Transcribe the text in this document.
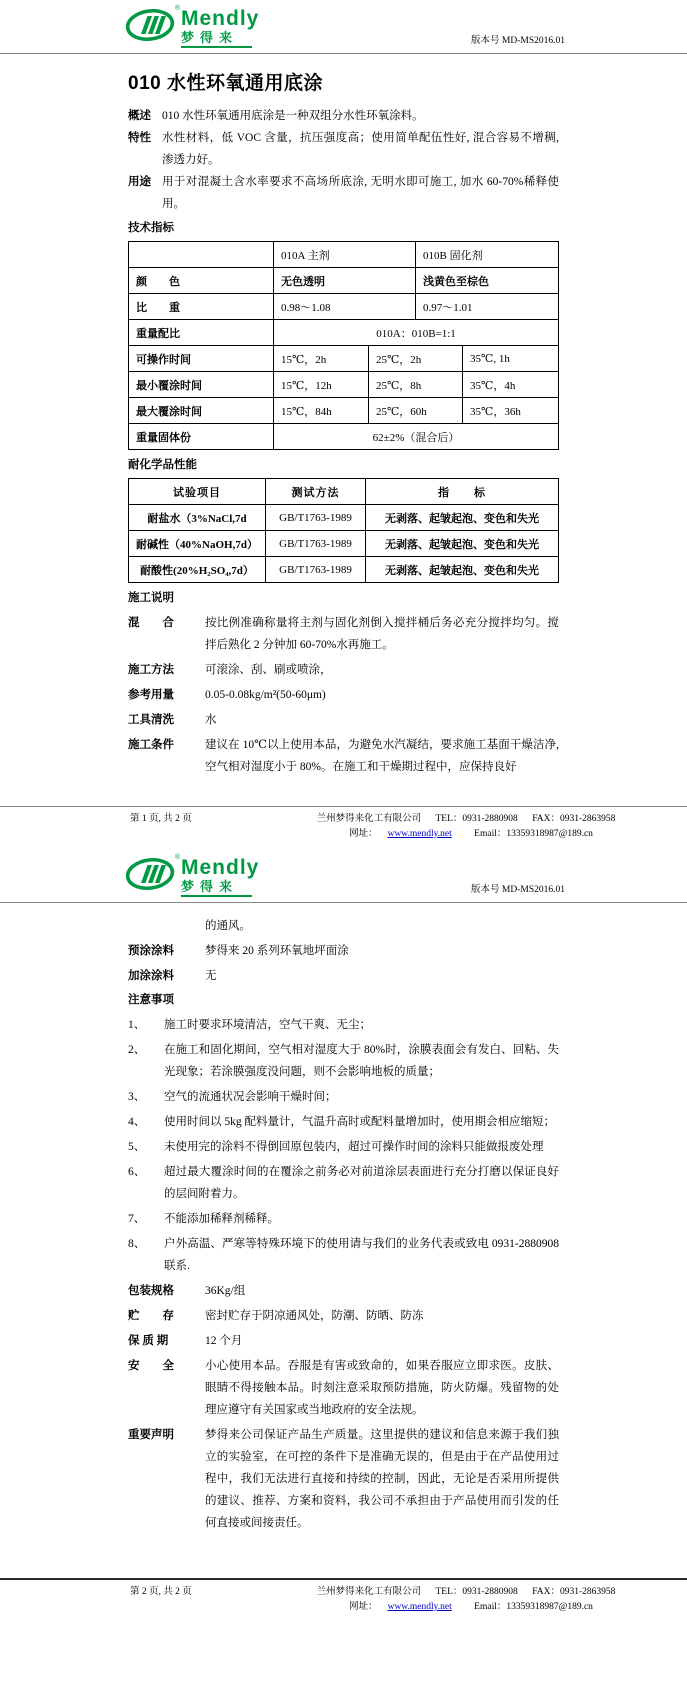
® Mendly
梦得来	版本号 MD-MS2016.01
010 水性环氧通用底涂
概述 010 水性环氧通用底涂是一种双组分水性环氧涂料。
特性 水性材料，低 VOC 含量，抗压强度高；使用简单配伍性好, 混合容易不增稠, 渗透力好。
用途 用于对混凝土含水率要求不高场所底涂, 无明水即可施工, 加水 60-70%稀释使用。
技术指标
	010A 主剂		010B 固化剂	
颜　　色	无色透明		浅黄色至棕色	
比　　重	0.98～1.08		0.97～1.01	
重量配比	010A：010B=1:1			
可操作时间	15℃，2h	25℃，2h		35℃, 1h
最小覆涂时间	15℃，12h	25℃，8h		35℃，4h
最大覆涂时间	15℃，84h	25℃，60h		35℃，36h
重量固体份	62±2%（混合后）			
耐化学品性能
试验项目	测试方法	指　　标
耐盐水（3%NaCl,7d	GB/T1763-1989	无剥落、起皱起泡、变色和失光
耐碱性（40%NaOH,7d）	GB/T1763-1989	无剥落、起皱起泡、变色和失光
耐酸性(20%H₂SO₄,7d）	GB/T1763-1989	无剥落、起皱起泡、变色和失光
施工说明
混　　合	按比例准确称量将主剂与固化剂倒入搅拌桶后务必充分搅拌均匀。搅拌后熟化 2 分钟加 60-70%水再施工。
施工方法	可滚涂、刮、刷或喷涂，
参考用量	0.05-0.08kg/m²(50-60μm)
工具清洗	水
施工条件	建议在 10℃以上使用本品，为避免水汽凝结，要求施工基面干燥洁净, 空气相对湿度小于 80%。在施工和干燥期过程中，应保持良好
第 1 页, 共 2 页	兰州梦得来化工有限公司 TEL：0931-2880908 FAX：0931-2863958
网址： www.mendly.net Email：13359318987@189.cn
® Mendly
梦得来	版本号 MD-MS2016.01
的通风。
预涂涂料	梦得来 20 系列环氧地坪面涂
加涂涂料	无
注意事项
1、	施工时要求环境清洁，空气干爽、无尘；
2、	在施工和固化期间，空气相对湿度大于 80%时，涂膜表面会有发白、回粘、失光现象；若涂膜强度没问题，则不会影响地板的质量；
3、	空气的流通状况会影响干燥时间；
4、	使用时间以 5kg 配料量计，气温升高时或配料量增加时，使用期会相应缩短；
5、	未使用完的涂料不得倒回原包装内，超过可操作时间的涂料只能做报废处理
6、	超过最大覆涂时间的在覆涂之前务必对前道涂层表面进行充分打磨以保证良好的层间附着力。
7、	不能添加稀释剂稀释。
8、	户外高温、严寒等特殊环境下的使用请与我们的业务代表或致电 0931-2880908 联系.
包装规格	36Kg/组
贮　　存	密封贮存于阴凉通风处，防潮、防晒、防冻
保 质 期	12 个月
安　　全	小心使用本品。吞服是有害或致命的，如果吞服应立即求医。皮肤、眼睛不得接触本品。时刻注意采取预防措施，防火防爆。残留物的处理应遵守有关国家或当地政府的安全法规。
重要声明	梦得来公司保证产品生产质量。这里提供的建议和信息来源于我们独立的实验室，在可控的条件下是准确无误的，但是由于在产品使用过程中，我们无法进行直接和持续的控制，因此，无论是否采用所提供的建议、推荐、方案和资料，我公司不承担由于产品使用而引发的任何直接或间接责任。
第 2 页, 共 2 页	兰州梦得来化工有限公司 TEL：0931-2880908 FAX：0931-2863958
网址： www.mendly.net Email：13359318987@189.cn
